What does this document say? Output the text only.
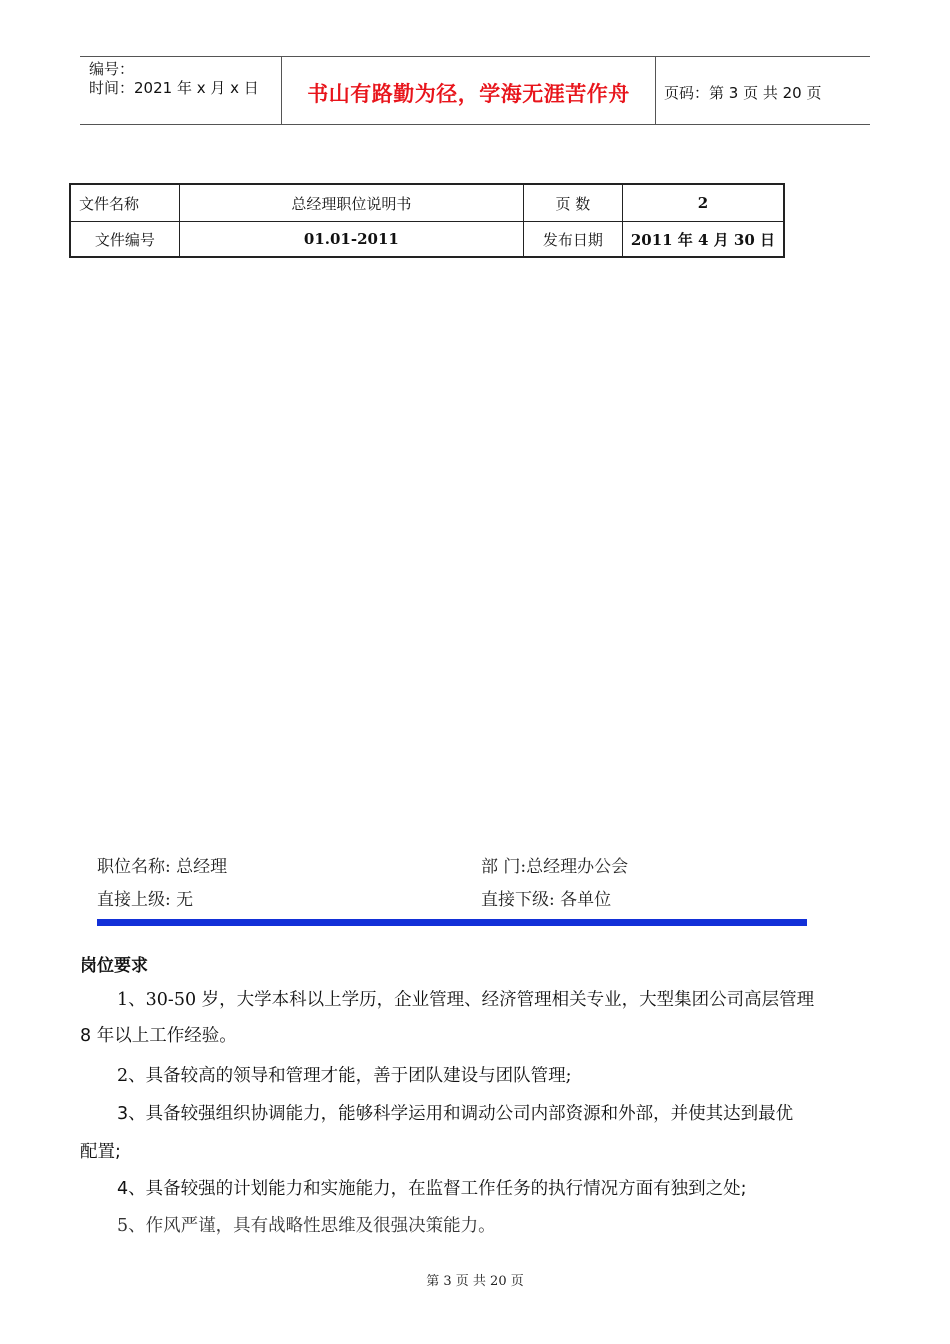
编号：
时间：2021 年 x 月 x 日	书山有路勤为径，学海无涯苦作舟	页码：第 3 页 共 20 页
文件名称	总经理职位说明书	页 数	2
文件编号	01.01-2011	发布日期	2011 年 4 月 30 日
职位名称: 总经理	部 门:总经理办公会
直接上级: 无	直接下级: 各单位
岗位要求
1、30-50 岁，大学本科以上学历，企业管理、经济管理相关专业，大型集团公司高层管理
8 年以上工作经验。
2、具备较高的领导和管理才能，善于团队建设与团队管理;
3、具备较强组织协调能力，能够科学运用和调动公司内部资源和外部，并使其达到最优
配置;
4、具备较强的计划能力和实施能力，在监督工作任务的执行情况方面有独到之处;
5、作风严谨，具有战略性思维及很强决策能力。
第 3 页 共 20 页
